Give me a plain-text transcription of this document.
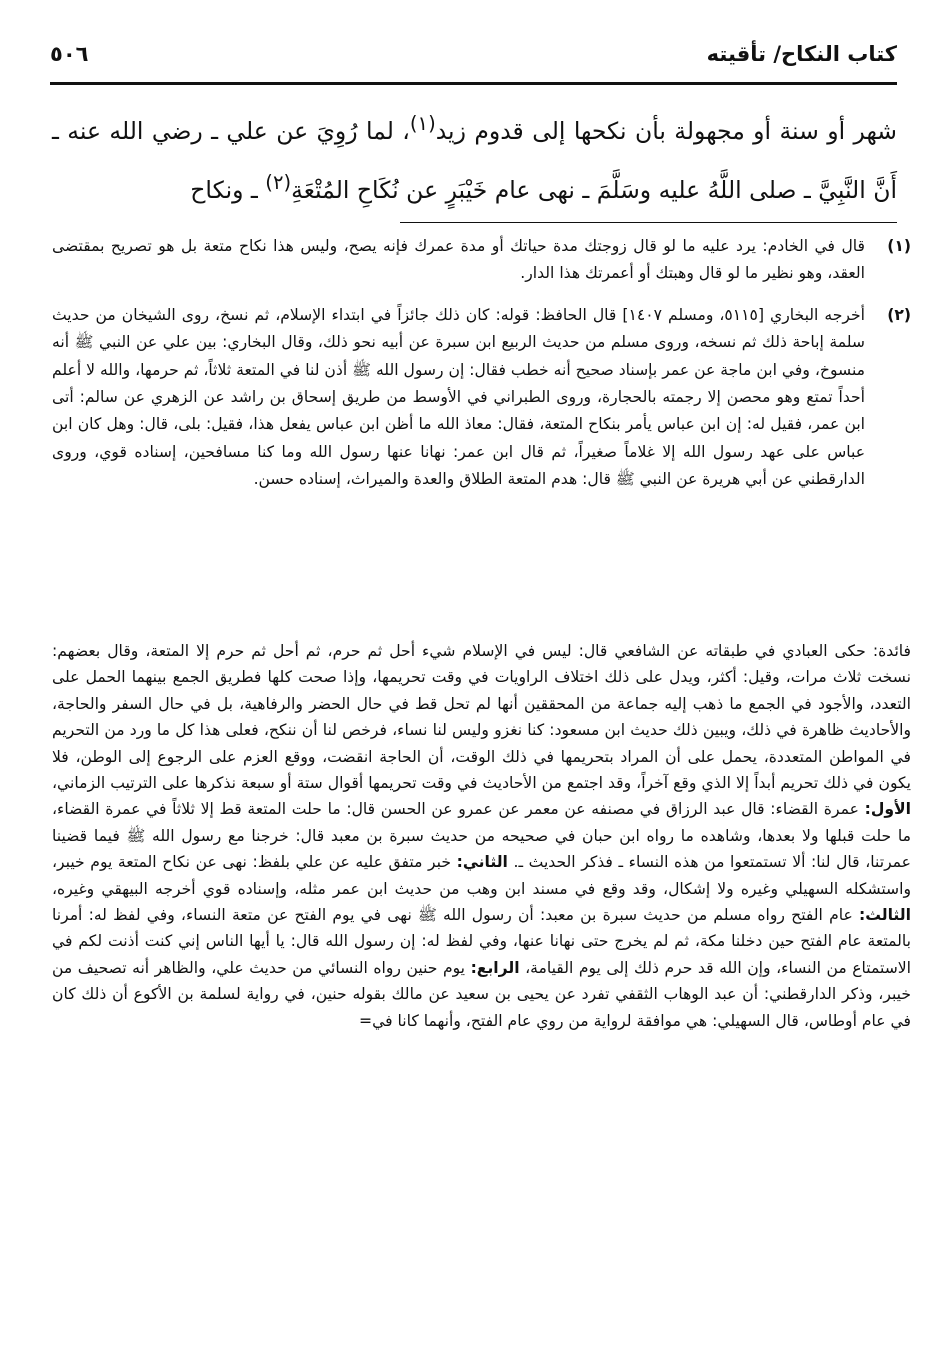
كتاب النكاح/ تأقيته
٥٠٦
شهر أو سنة أو مجهولة بأن نكحها إلى قدوم زيد$^{(١)}$، لما رُوِيَ عن علي ـ رضي الله عنه ـ أَنَّ النَّبِيَّ ـ صلى اللَّهُ عليه وسَلَّمَ ـ نهى عام خَيْبَرٍ عن نُكَاحِ المُتْعَةِ$^{(٢)}$ ـ ونكاح
(١)
قال في الخادم: يرد عليه ما لو قال زوجتك مدة حياتك أو مدة عمرك فإنه يصح، وليس هذا نكاح متعة بل هو تصريح بمقتضى العقد، وهو نظير ما لو قال وهبتك أو أعمرتك هذا الدار.
(٢)
أخرجه البخاري [٥١١٥، ومسلم ١٤٠٧] قال الحافظ: قوله: كان ذلك جائزاً في ابتداء الإسلام، ثم نسخ، روى الشيخان من حديث سلمة إباحة ذلك ثم نسخه، وروى مسلم من حديث الربيع ابن سبرة عن أبيه نحو ذلك، وقال البخاري: بين علي عن النبي ﷺ أنه منسوخ، وفي ابن ماجة عن عمر بإسناد صحيح أنه خطب فقال: إن رسول الله ﷺ أذن لنا في المتعة ثلاثاً، ثم حرمها، والله لا أعلم أحداً تمتع وهو محصن إلا رجمته بالحجارة، وروى الطبراني في الأوسط من طريق إسحاق بن راشد عن الزهري عن سالم: أتى ابن عمر، فقيل له: إن ابن عباس يأمر بنكاح المتعة، فقال: معاذ الله ما أظن ابن عباس يفعل هذا، فقيل: بلى، قال: وهل كان ابن عباس على عهد رسول الله إلا غلاماً صغيراً، ثم قال ابن عمر: نهانا عنها رسول الله وما كنا مسافحين، إسناده قوي، وروى الدارقطني عن أبي هريرة عن النبي ﷺ قال: هدم المتعة الطلاق والعدة والميراث، إسناده حسن.
فائدة: حكى العبادي في طبقاته عن الشافعي قال: ليس في الإسلام شيء أحل ثم حرم، ثم أحل ثم حرم إلا المتعة، وقال بعضهم: نسخت ثلاث مرات، وقيل: أكثر، ويدل على ذلك اختلاف الراويات في وقت تحريمها، وإذا صحت كلها فطريق الجمع بينهما الحمل على التعدد، والأجود في الجمع ما ذهب إليه جماعة من المحققين أنها لم تحل قط في حال الحضر والرفاهية، بل في حال السفر والحاجة، والأحاديث ظاهرة في ذلك، ويبين ذلك حديث ابن مسعود: كنا نغزو وليس لنا نساء، فرخص لنا أن ننكح، فعلى هذا كل ما ورد من التحريم في المواطن المتعددة، يحمل على أن المراد بتحريمها في ذلك الوقت، أن الحاجة انقضت، ووقع العزم على الرجوع إلى الوطن، فلا يكون في ذلك تحريم أبداً إلا الذي وقع آخراً، وقد اجتمع من الأحاديث في وقت تحريمها أقوال ستة أو سبعة نذكرها على الترتيب الزماني، الأول: عمرة القضاء: قال عبد الرزاق في مصنفه عن معمر عن عمرو عن الحسن قال: ما حلت المتعة قط إلا ثلاثاً في عمرة القضاء، ما حلت قبلها ولا بعدها، وشاهده ما رواه ابن حبان في صحيحه من حديث سبرة بن معبد قال: خرجنا مع رسول الله ﷺ فيما قضينا عمرتنا، قال لنا: ألا تستمتعوا من هذه النساء ـ فذكر الحديث ـ. الثاني: خبر متفق عليه عن علي بلفظ: نهى عن نكاح المتعة يوم خيبر، واستشكله السهيلي وغيره ولا إشكال، وقد وقع في مسند ابن وهب من حديث ابن عمر مثله، وإسناده قوي أخرجه البيهقي وغيره، الثالث: عام الفتح رواه مسلم من حديث سبرة بن معبد: أن رسول الله ﷺ نهى في يوم الفتح عن متعة النساء، وفي لفظ له: أمرنا بالمتعة عام الفتح حين دخلنا مكة، ثم لم يخرج حتى نهانا عنها، وفي لفظ له: إن رسول الله قال: يا أيها الناس إني كنت أذنت لكم في الاستمتاع من النساء، وإن الله قد حرم ذلك إلى يوم القيامة، الرابع: يوم حنين رواه النسائي من حديث علي، والظاهر أنه تصحيف من خيبر، وذكر الدارقطني: أن عبد الوهاب الثقفي تفرد عن يحيى بن سعيد عن مالك بقوله حنين، في رواية لسلمة بن الأكوع أن ذلك كان في عام أوطاس، قال السهيلي: هي موافقة لرواية من روي عام الفتح، وأنهما كانا في=
